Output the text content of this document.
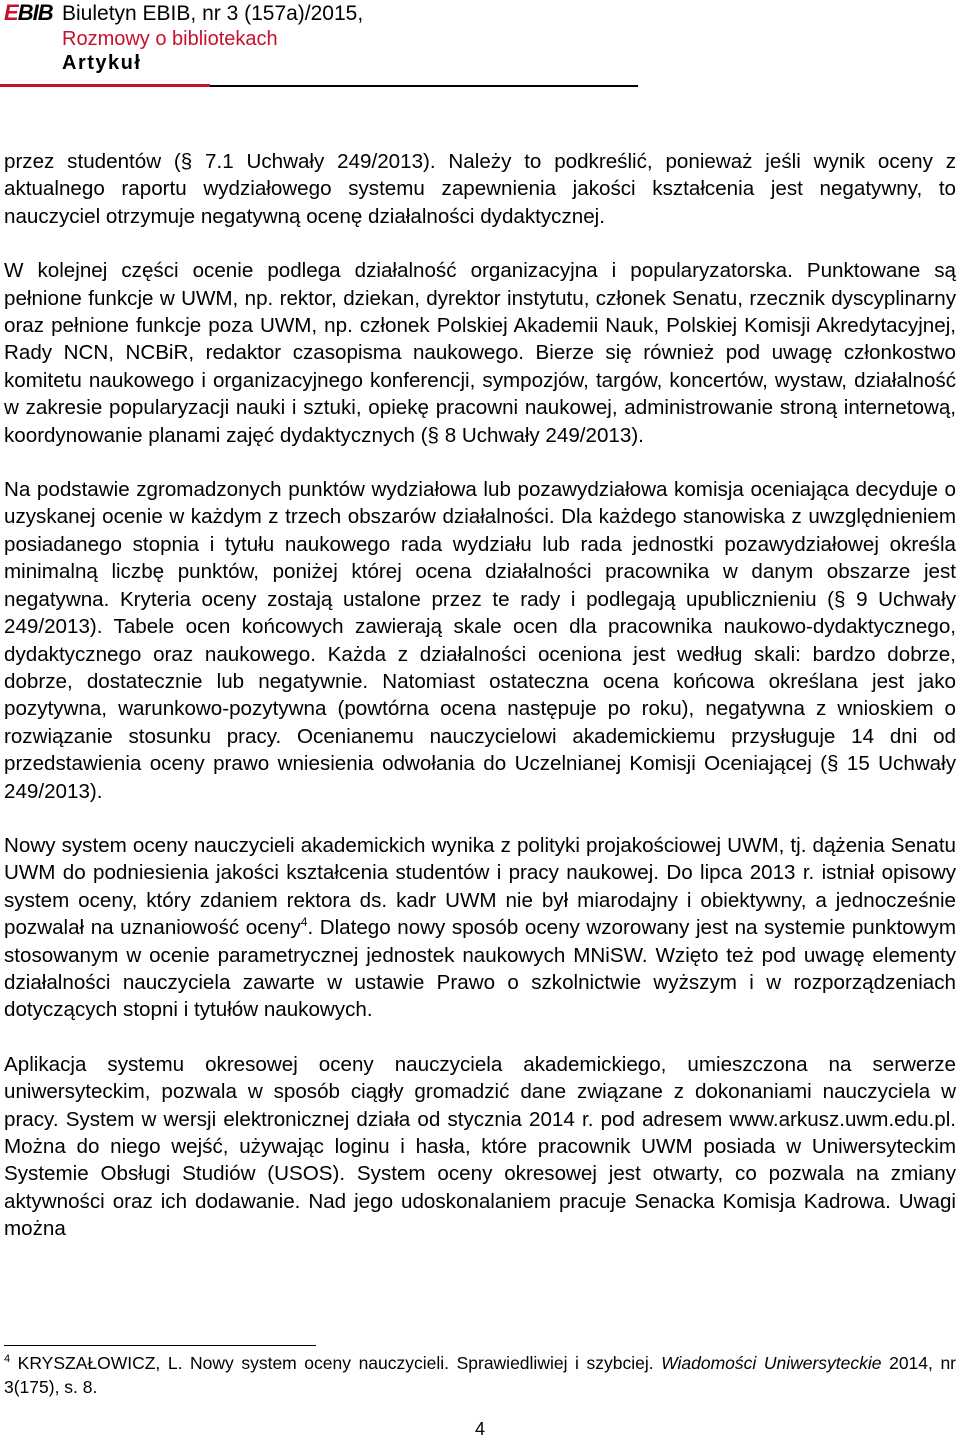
EBIB Biuletyn EBIB, nr 3 (157a)/2015,
Rozmowy o bibliotekach
Artykuł

przez studentów (§ 7.1 Uchwały 249/2013). Należy to podkreślić, ponieważ jeśli wynik oceny z aktualnego raportu wydziałowego systemu zapewnienia jakości kształcenia jest negatywny, to nauczyciel otrzymuje negatywną ocenę działalności dydaktycznej.

W kolejnej części ocenie podlega działalność organizacyjna i popularyzatorska. Punktowane są pełnione funkcje w UWM, np. rektor, dziekan, dyrektor instytutu, członek Senatu, rzecznik dyscyplinarny oraz pełnione funkcje poza UWM, np. członek Polskiej Akademii Nauk, Polskiej Komisji Akredytacyjnej, Rady NCN, NCBiR, redaktor czasopisma naukowego. Bierze się również pod uwagę członkostwo komitetu naukowego i organizacyjnego konferencji, sympozjów, targów, koncertów, wystaw, działalność w zakresie popularyzacji nauki i sztuki, opiekę pracowni naukowej, administrowanie stroną internetową, koordynowanie planami zajęć dydaktycznych (§ 8 Uchwały 249/2013).

Na podstawie zgromadzonych punktów wydziałowa lub pozawydziałowa komisja oceniająca decyduje o uzyskanej ocenie w każdym z trzech obszarów działalności. Dla każdego stanowiska z uwzględnieniem posiadanego stopnia i tytułu naukowego rada wydziału lub rada jednostki pozawydziałowej określa minimalną liczbę punktów, poniżej której ocena działalności pracownika w danym obszarze jest negatywna. Kryteria oceny zostają ustalone przez te rady i podlegają upublicznieniu (§ 9 Uchwały 249/2013). Tabele ocen końcowych zawierają skale ocen dla pracownika naukowo-dydaktycznego, dydaktycznego oraz naukowego. Każda z działalności oceniona jest według skali: bardzo dobrze, dobrze, dostatecznie lub negatywnie. Natomiast ostateczna ocena końcowa określana jest jako pozytywna, warunkowo-pozytywna (powtórna ocena następuje po roku), negatywna z wnioskiem o rozwiązanie stosunku pracy. Ocenianemu nauczycielowi akademickiemu przysługuje 14 dni od przedstawienia oceny prawo wniesienia odwołania do Uczelnianej Komisji Oceniającej (§ 15 Uchwały 249/2013).

Nowy system oceny nauczycieli akademickich wynika z polityki projakościowej UWM, tj. dążenia Senatu UWM do podniesienia jakości kształcenia studentów i pracy naukowej. Do lipca 2013 r. istniał opisowy system oceny, który zdaniem rektora ds. kadr UWM nie był miarodajny i obiektywny, a jednocześnie pozwalał na uznaniowość oceny$^4$. Dlatego nowy sposób oceny wzorowany jest na systemie punktowym stosowanym w ocenie parametrycznej jednostek naukowych MNiSW. Wzięto też pod uwagę elementy działalności nauczyciela zawarte w ustawie Prawo o szkolnictwie wyższym i w rozporządzeniach dotyczących stopni i tytułów naukowych.

Aplikacja systemu okresowej oceny nauczyciela akademickiego, umieszczona na serwerze uniwersyteckim, pozwala w sposób ciągły gromadzić dane związane z dokonaniami nauczyciela w pracy. System w wersji elektronicznej działa od stycznia 2014 r. pod adresem www.arkusz.uwm.edu.pl. Można do niego wejść, używając loginu i hasła, które pracownik UWM posiada w Uniwersyteckim Systemie Obsługi Studiów (USOS). System oceny okresowej jest otwarty, co pozwala na zmiany aktywności oraz ich dodawanie. Nad jego udoskonalaniem pracuje Senacka Komisja Kadrowa. Uwagi można

$^4$ KRYSZAŁOWICZ, L. Nowy system oceny nauczycieli. Sprawiedliwiej i szybciej. Wiadomości Uniwersyteckie 2014, nr 3(175), s. 8.
4
